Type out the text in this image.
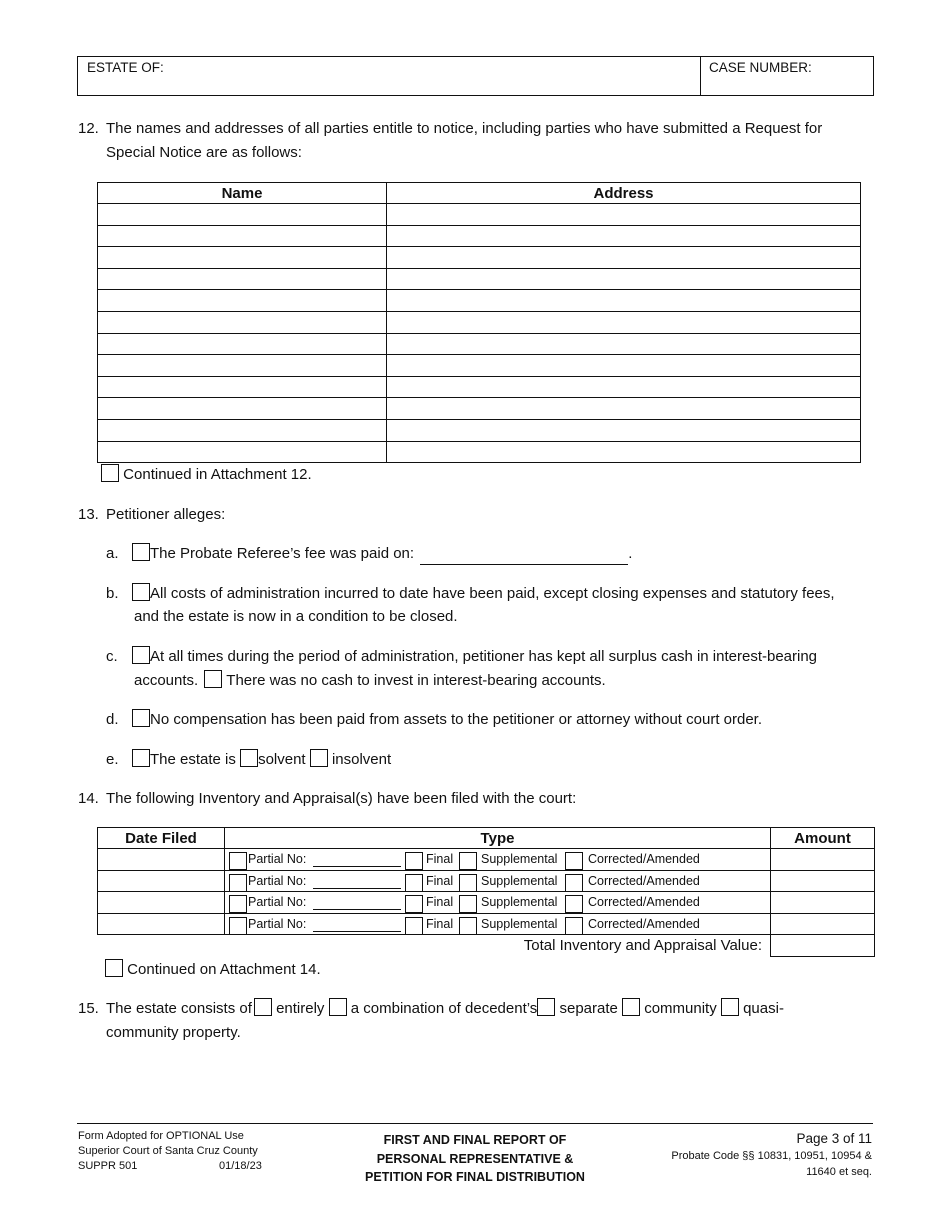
ESTATE OF:	CASE NUMBER:
12. The names and addresses of all parties entitle to notice, including parties who have submitted a Request for
Special Notice are as follows:
Name	Address

Continued in Attachment 12.
13. Petitioner alleges:
a.	The Probate Referee’s fee was paid on:	.
b.	All costs of administration incurred to date have been paid, except closing expenses and statutory fees,
and the estate is now in a condition to be closed.
c.	At all times during the period of administration, petitioner has kept all surplus cash in interest-bearing
accounts. There was no cash to invest in interest-bearing accounts.
d.	No compensation has been paid from assets to the petitioner or attorney without court order.
e.	The estate is solvent insolvent
14. The following Inventory and Appraisal(s) have been filed with the court:
Date Filed	Type	Amount

	Partial No: Final Supplemental Corrected/Amended	

	Partial No: Final Supplemental Corrected/Amended	

	Partial No: Final Supplemental Corrected/Amended	

	Partial No: Final Supplemental Corrected/Amended	

Total Inventory and Appraisal Value:		
Continued on Attachment 14.
15. The estate consists of entirely a combination of decedent’s separate community quasi-
community property.
Form Adopted for OPTIONAL Use
Superior Court of Santa Cruz County
SUPPR 501	01/18/23
FIRST AND FINAL REPORT OF
PERSONAL REPRESENTATIVE &
PETITION FOR FINAL DISTRIBUTION
Page 3 of 11
Probate Code §§ 10831, 10951, 10954 &
11640 et seq.
